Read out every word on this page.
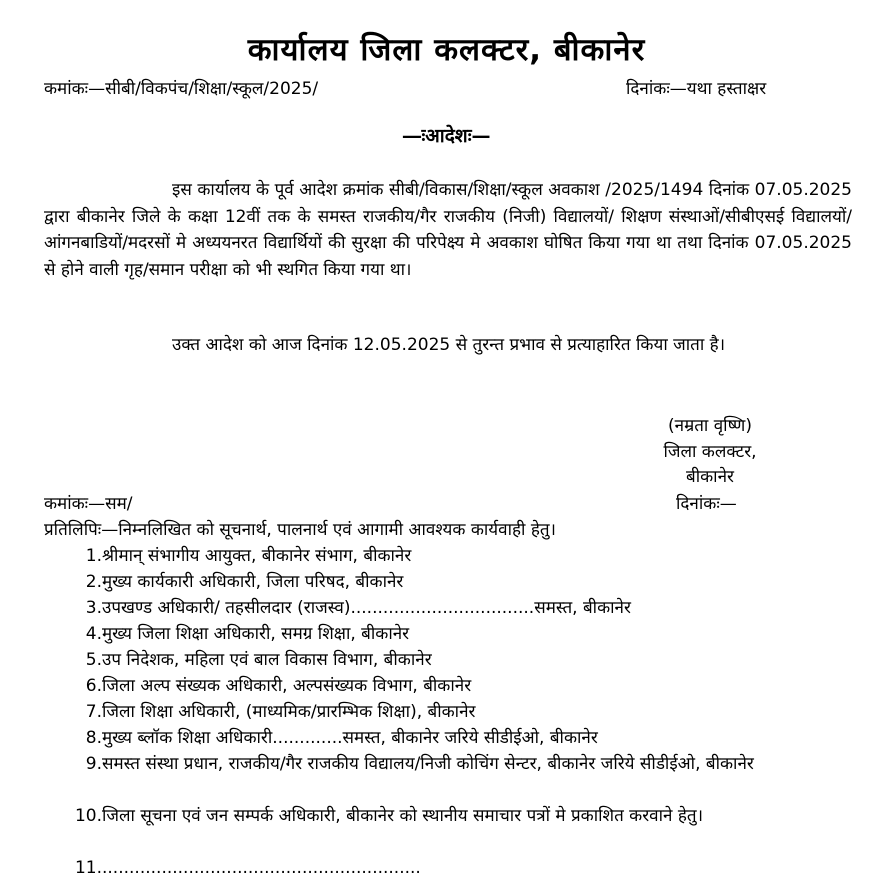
कार्यालय जिला कलक्टर, बीकानेर
कमांकः—सीबी/विकपंच/शिक्षा/स्कूल/2025/	दिनांकः—यथा हस्ताक्षर
—ःआदेशः—
इस कार्यालय के पूर्व आदेश क्रमांक सीबी/विकास/शिक्षा/स्कूल अवकाश /2025/1494 दिनांक 07.05.2025 द्वारा बीकानेर जिले के कक्षा 12वीं तक के समस्त राजकीय/गैर राजकीय (निजी) विद्यालयों/ शिक्षण संस्थाओं/सीबीएसई विद्यालयों/ आंगनबाडियों/मदरसों मे अध्ययनरत विद्यार्थियों की सुरक्षा की परिपेक्ष्य मे अवकाश घोषित किया गया था तथा दिनांक 07.05.2025 से होने वाली गृह/समान परीक्षा को भी स्थगित किया गया था।
उक्त आदेश को आज दिनांक 12.05.2025 से तुरन्त प्रभाव से प्रत्याहारित किया जाता है।
(नम्रता वृष्णि)
जिला कलक्टर,
बीकानेर
कमांकः—सम/	दिनांकः—
प्रतिलिपिः—निम्नलिखित को सूचनार्थ, पालनार्थ एवं आगामी आवश्यक कार्यवाही हेतु।
1. श्रीमान् संभागीय आयुक्त, बीकानेर संभाग, बीकानेर
2. मुख्य कार्यकारी अधिकारी, जिला परिषद, बीकानेर
3. उपखण्ड अधिकारी/ तहसीलदार (राजस्व)..................................समस्त, बीकानेर
4. मुख्य जिला शिक्षा अधिकारी, समग्र शिक्षा, बीकानेर
5. उप निदेशक, महिला एवं बाल विकास विभाग, बीकानेर
6. जिला अल्प संख्यक अधिकारी, अल्पसंख्यक विभाग, बीकानेर
7. जिला शिक्षा अधिकारी, (माध्यमिक/प्रारम्भिक शिक्षा), बीकानेर
8. मुख्य ब्लॉक शिक्षा अधिकारी.............समस्त, बीकानेर जरिये सीडीईओ, बीकानेर
9. समस्त संस्था प्रधान, राजकीय/गैर राजकीय विद्यालय/निजी कोचिंग सेन्टर, बीकानेर जरिये सीडीईओ, बीकानेर
10. जिला सूचना एवं जन सम्पर्क अधिकारी, बीकानेर को स्थानीय समाचार पत्रों मे प्रकाशित करवाने हेतु।
11. ...........................................................
